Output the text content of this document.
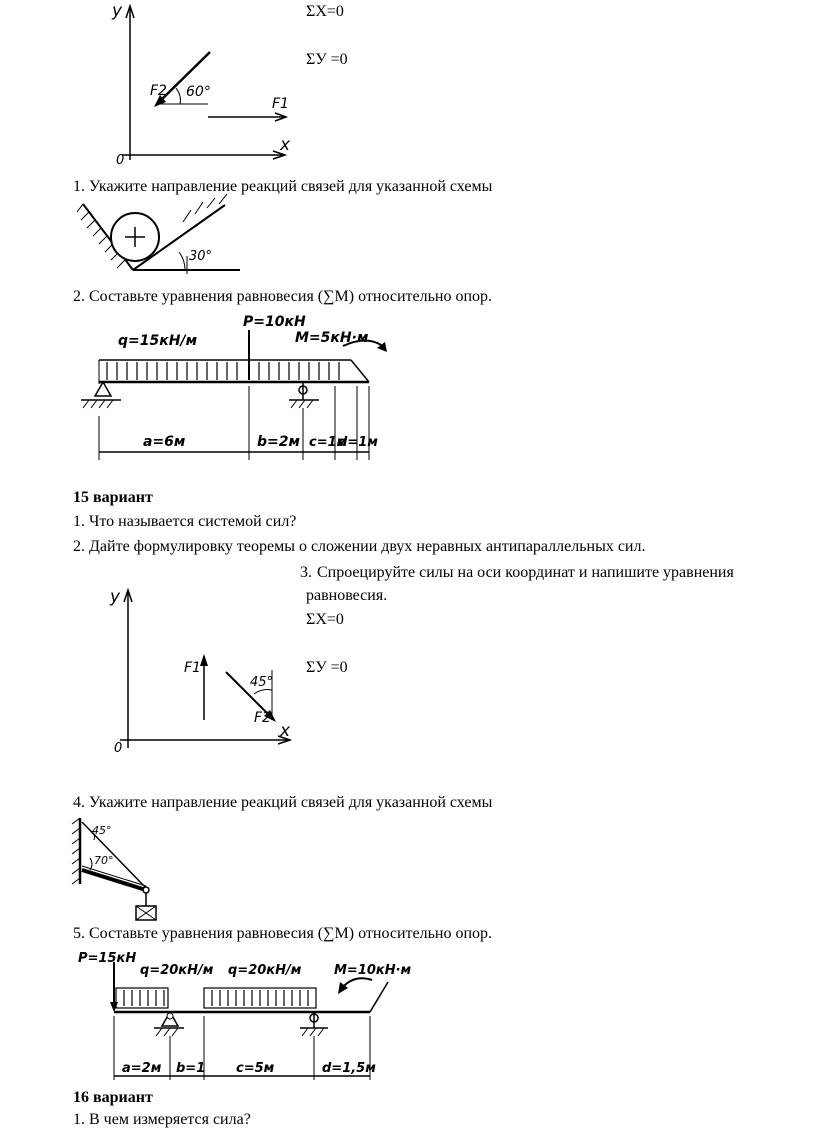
y
x
0
F2 60°
F1
ΣX=0
ΣУ =0
1. Укажите направление реакций связей для указанной схемы
30°
2. Составьте уравнения равновесия (∑M) относительно опор.
q=15кН/м
P=10кН
M=5кН·м
a=6м	b=2м c=1м
d=1м
15 вариант
1. Что называется системой сил?
2. Дайте формулировку теоремы о сложении двух неравных антипараллельных сил.
3. Спроецируйте силы на оси координат и напишите уравнения
равновесия.
ΣX=0
ΣУ =0
y
x
0
F1
45°
F2
4. Укажите направление реакций связей для указанной схемы
45°
70°
5. Составьте уравнения равновесия (∑M) относительно опор.
P=15кН
q=20кН/м q=20кН/м	M=10кН·м
a=2м b=1 c=5м	d=1,5м
16 вариант
1. В чем измеряется сила?
